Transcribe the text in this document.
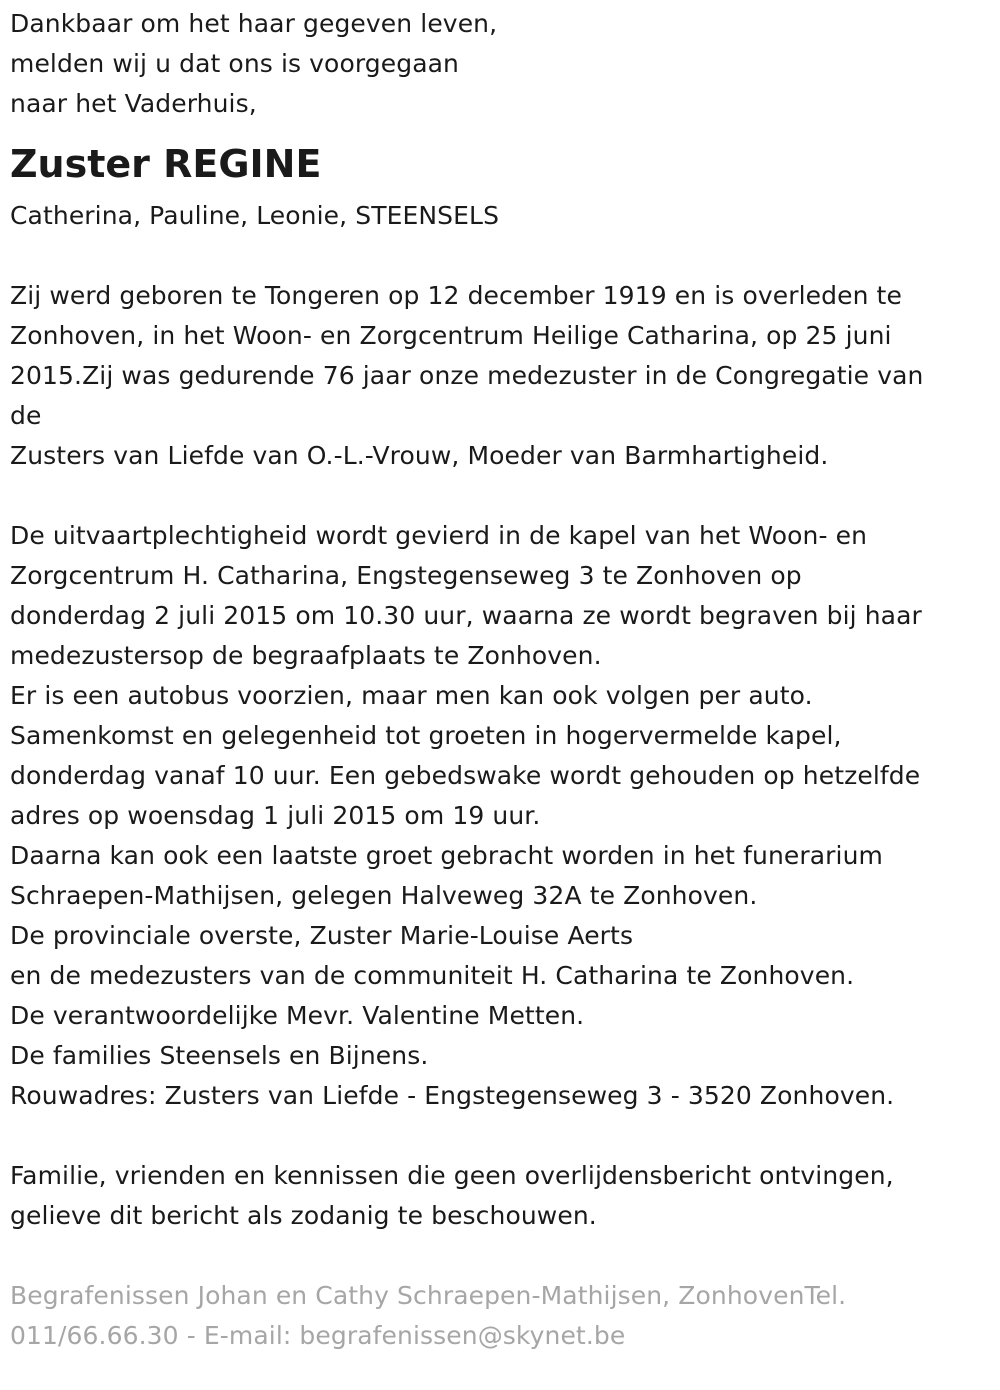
Dankbaar om het haar gegeven leven,
melden wij u dat ons is voorgegaan
naar het Vaderhuis,
Zuster REGINE
Catherina, Pauline, Leonie, STEENSELS
Zij werd geboren te Tongeren op 12 december 1919 en is overleden te
Zonhoven, in het Woon- en Zorgcentrum Heilige Catharina, op 25 juni
2015.Zij was gedurende 76 jaar onze medezuster in de Congregatie van
de
Zusters van Liefde van O.-L.-Vrouw, Moeder van Barmhartigheid.
De uitvaartplechtigheid wordt gevierd in de kapel van het Woon- en
Zorgcentrum H. Catharina, Engstegenseweg 3 te Zonhoven op
donderdag 2 juli 2015 om 10.30 uur, waarna ze wordt begraven bij haar
medezustersop de begraafplaats te Zonhoven.
Er is een autobus voorzien, maar men kan ook volgen per auto.
Samenkomst en gelegenheid tot groeten in hogervermelde kapel,
donderdag vanaf 10 uur. Een gebedswake wordt gehouden op hetzelfde
adres op woensdag 1 juli 2015 om 19 uur.
Daarna kan ook een laatste groet gebracht worden in het funerarium
Schraepen-Mathijsen, gelegen Halveweg 32A te Zonhoven.
De provinciale overste, Zuster Marie-Louise Aerts
en de medezusters van de communiteit H. Catharina te Zonhoven.
De verantwoordelijke Mevr. Valentine Metten.
De families Steensels en Bijnens.
Rouwadres: Zusters van Liefde - Engstegenseweg 3 - 3520 Zonhoven.
Familie, vrienden en kennissen die geen overlijdensbericht ontvingen,
gelieve dit bericht als zodanig te beschouwen.
Begrafenissen Johan en Cathy Schraepen-Mathijsen, ZonhovenTel.
011/66.66.30 - E-mail: begrafenissen@skynet.be
